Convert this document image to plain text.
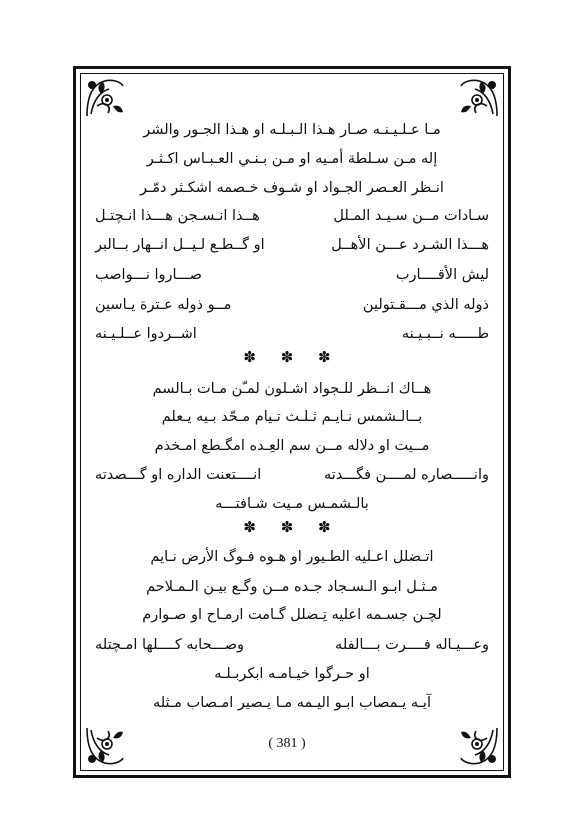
مـا عـلـيـنـه صـار هـذا الـبـلـه او هـذا الجـور والشر
إله مـن سـلطة أمـيه او مـن بـنـي العـبـاس اكـثـر
انـظر العـصر الجـواد او شـوف خـصمه اشكـثر دمّـر
سـادات مــن سـيـد المـلل
هــذا انـسـجن هـــذا انـچتـل
هـــذا الشـرد عـــن الأهــل
او گــطـع لـيــل انــهار بــالبر
ليش الأقــــارب
صـــاروا نـــواصب
ذوله الذي مـــقـتولين
مــو ذوله عـترة يـاسين
طـــــه نــبـيـنه
اشــردوا عــلـيـنه
✽ ✽ ✽
هــاك انــظر للـجواد اشـلون لمـّن مـات بـالسم
بــالـشمس نـايـم ثـلـث تـيام مـحّد بـيه يـعلم
مــيت او دلاله مــن سم العِـده امگـطع امـخذم
وانـــــصاره لمــــن فگـــدته
انــــتعنت الداره او گـــصدته
بالـشمـس مـيت شـافتـــه
✽ ✽ ✽
اتـضلل اعـليه الطـيور او هـوه فـوگ الأرض نـايم
مـثـل ابـو الـسـجاد جـده مــن وگـع بيـن الـمـلاحم
لچـن جسـمه اعليه تِـضلل گـامت ارمـاح او صـوارم
وعـــيـاله فــــرت بـــالفله
وصـــحابه كــــلها امـچتله
او حـرگوا خيـامـه ابكربـلـه
آيـه يـمصاب ابـو اليـمه مـا يـصير امـصاب مـثله
( 381 )
